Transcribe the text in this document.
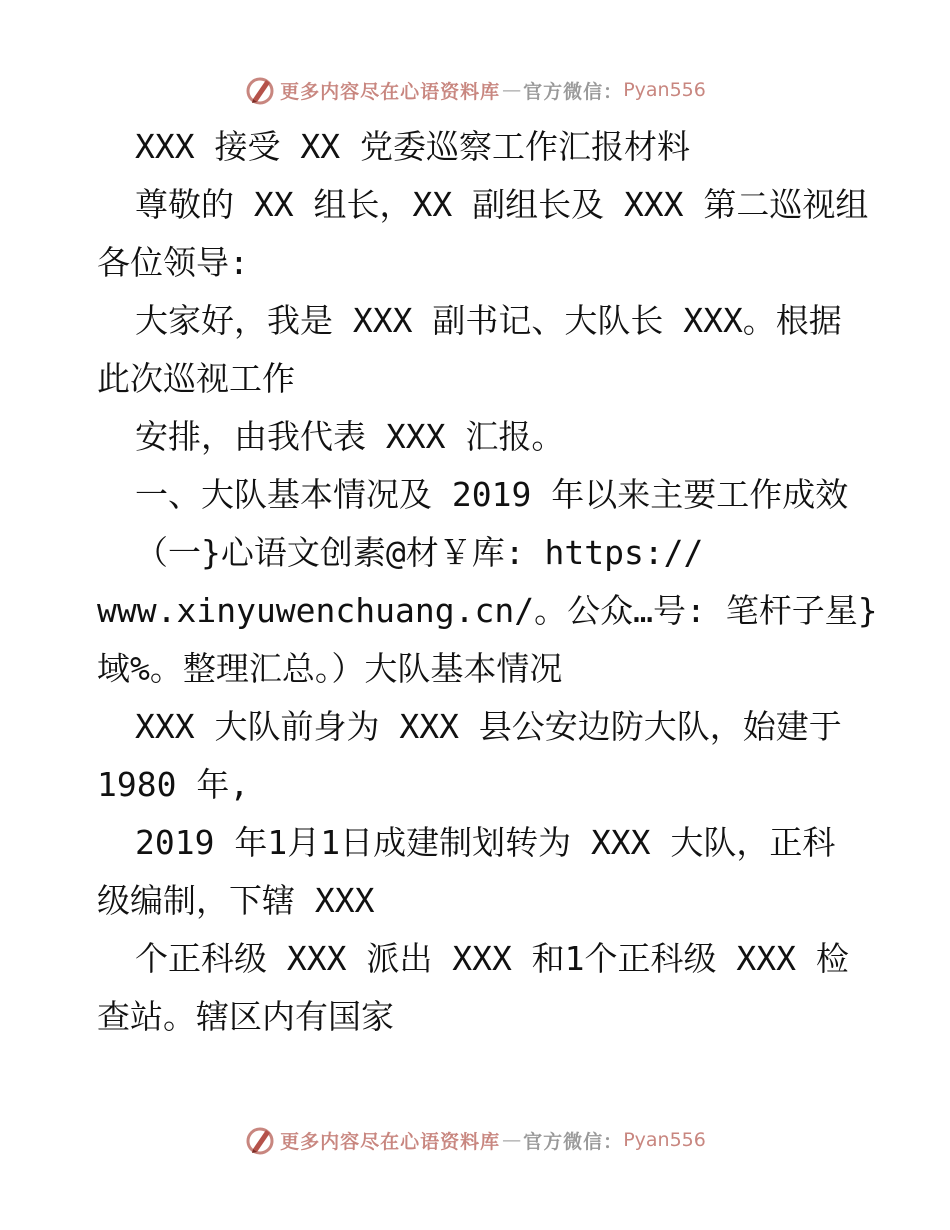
更多内容尽在心语资料库 — 官方微信： Pyan556

XXX 接受 XX 党委巡察工作汇报材料

尊敬的 XX 组长，XX 副组长及 XXX 第二巡视组

各位领导:

大家好，我是 XXX 副书记、大队长 XXX。根据

此次巡视工作

安排，由我代表 XXX 汇报。

一、大队基本情况及 2019 年以来主要工作成效

（一}心语文创素@材￥库: https://

www.xinyuwenchuang.cn/。公众…号: 笔杆子星}

域%。整理汇总。）大队基本情况

XXX 大队前身为 XXX 县公安边防大队，始建于

1980 年,

2019 年1月1日成建制划转为 XXX 大队，正科

级编制，下辖 XXX

个正科级 XXX 派出 XXX 和1个正科级 XXX 检

查站。辖区内有国家

更多内容尽在心语资料库 — 官方微信： Pyan556
